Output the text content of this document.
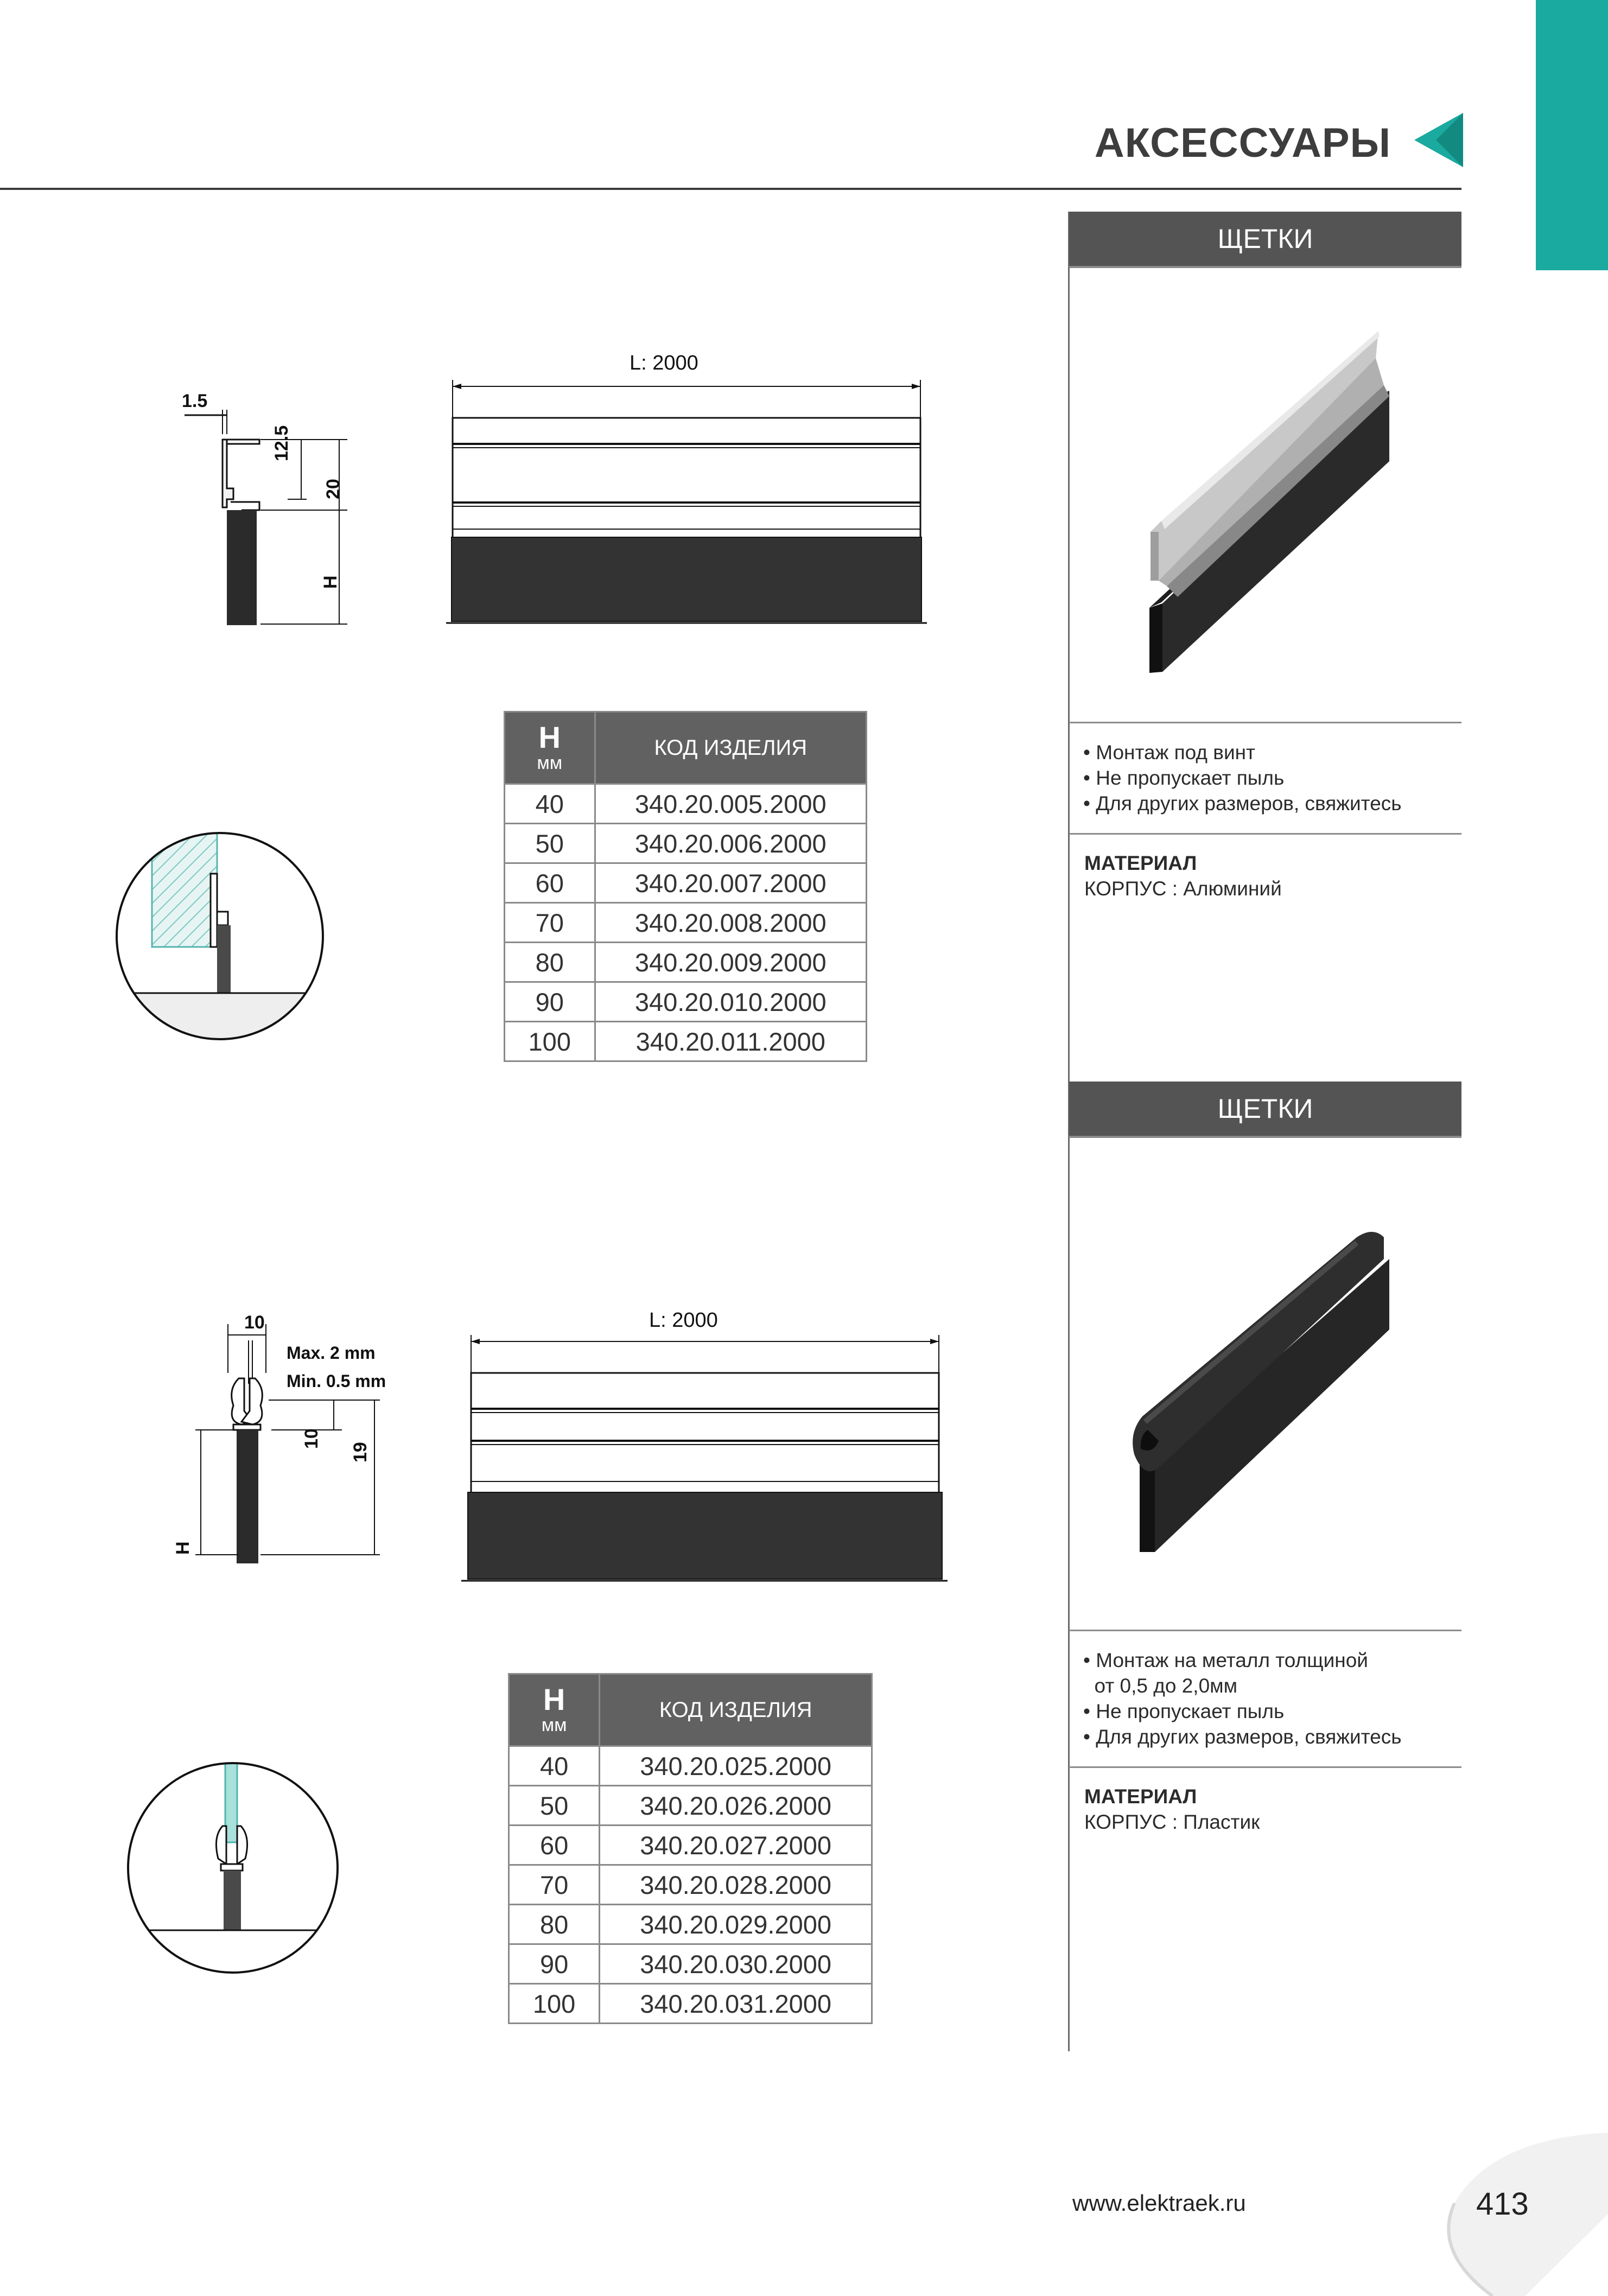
АКСЕССУАРЫ
1.5
12.5
20
H
L: 2000
H
мм	КОД ИЗДЕЛИЯ
40	340.20.005.2000
50	340.20.006.2000
60	340.20.007.2000
70	340.20.008.2000
80	340.20.009.2000
90	340.20.010.2000
100	340.20.011.2000
10
Max. 2 mm
Min. 0.5 mm
10
19
H
L: 2000
H
мм	КОД ИЗДЕЛИЯ
40	340.20.025.2000
50	340.20.026.2000
60	340.20.027.2000
70	340.20.028.2000
80	340.20.029.2000
90	340.20.030.2000
100	340.20.031.2000
ЩЕТКИ
• Монтаж под винт
• Не пропускает пыль
• Для других размеров, свяжитесь
МАТЕРИАЛ
КОРПУС : Алюминий
ЩЕТКИ
• Монтаж на металл толщиной
от 0,5 до 2,0мм
• Не пропускает пыль
• Для других размеров, свяжитесь
МАТЕРИАЛ
КОРПУС : Пластик
www.elektraek.ru	413
